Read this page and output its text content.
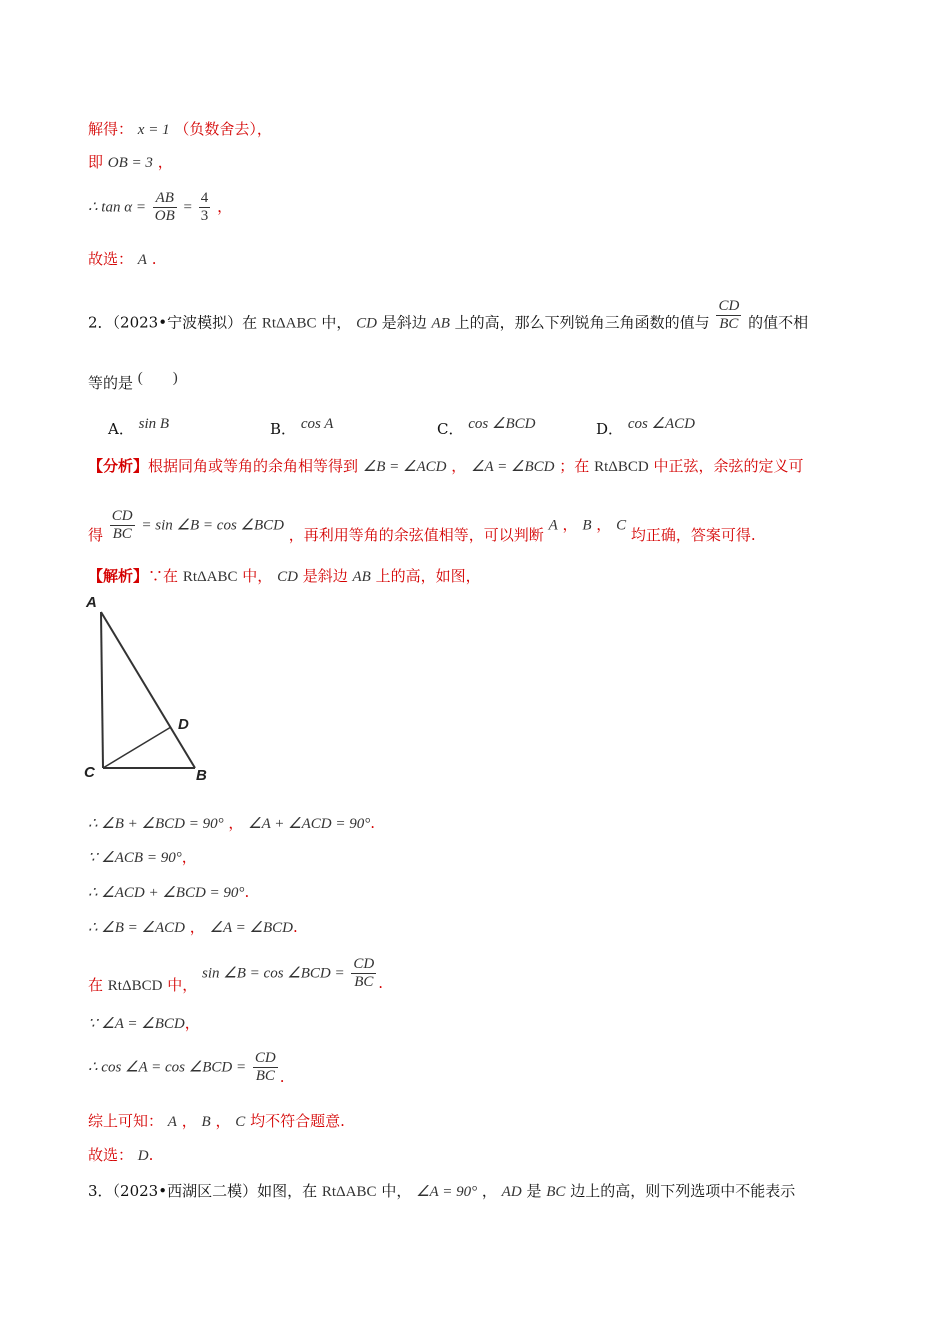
解得： x = 1 （负数舍去），
即 OB = 3 ，
∴ $\tan \alpha = \frac{AB}{OB} = \frac{4}{3}$ ，
故选： A .
2．（2023•宁波模拟）在 RtΔABC 中， CD 是斜边 AB 上的高，那么下列锐角三角函数的值与 $\frac{CD}{BC}$ 的值不相
等的是 (　　)
A． sin B	B． cos A	C． cos ∠BCD	D． cos ∠ACD
【分析】根据同角或等角的余角相等得到 ∠B = ∠ACD ， ∠A = ∠BCD ；在 RtΔBCD 中正弦，余弦的定义可
得 $\frac{CD}{BC} = \sin$ ∠B = cos ∠BCD ，再利用等角的余弦值相等，可以判断 A ， B ， C 均正确，答案可得.
【解析】∵在 RtΔABC 中， CD 是斜边 AB 上的高，如图，
A
D
C	B
∴ ∠B + ∠BCD = 90° ， ∠A + ∠ACD = 90°.
∵ ∠ACB = 90°，
∴ ∠ACD + ∠BCD = 90°.
∴ ∠B = ∠ACD ， ∠A = ∠BCD.
在 RtΔBCD 中， sin ∠B = cos ∠BCD = $\frac{CD}{BC}$ .
∵ ∠A = ∠BCD，
∴ cos ∠A = cos ∠BCD = $\frac{CD}{BC}$ .
综上可知： A ， B ， C 均不符合题意.
故选： D.
3．（2023•西湖区二模）如图，在 RtΔABC 中， ∠A = 90° ， AD 是 BC 边上的高，则下列选项中不能表示
